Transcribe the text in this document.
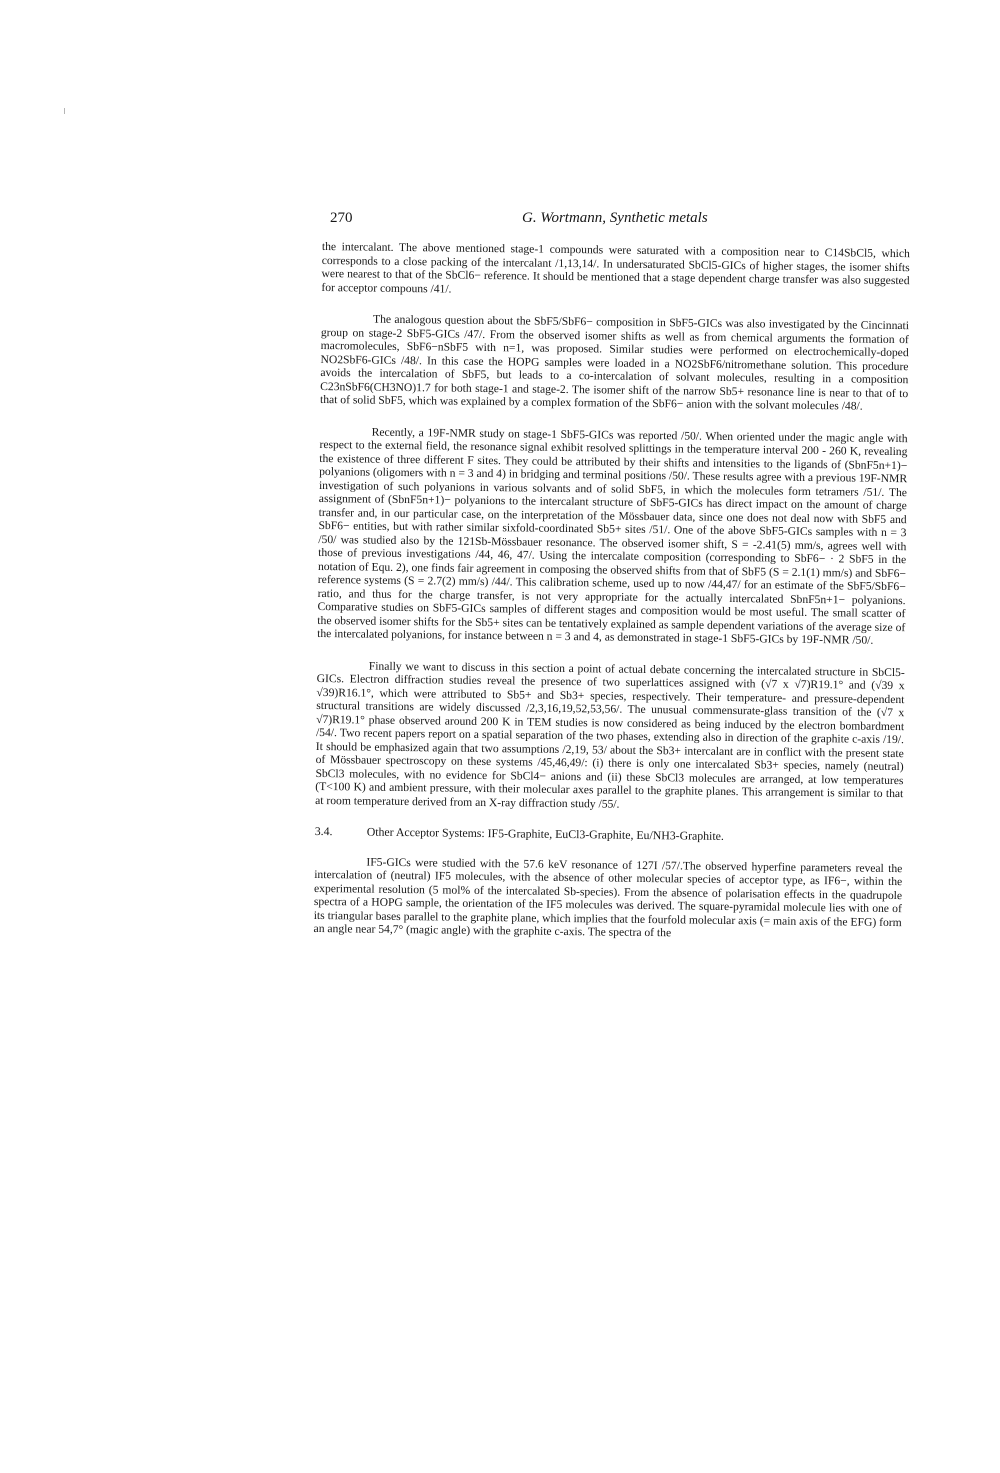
270	G. Wortmann, Synthetic metals

the intercalant. The above mentioned stage-1 compounds were saturated with a composition near to C14SbCl5, which corresponds to a close packing of the intercalant /1,13,14/. In undersaturated SbCl5-GICs of higher stages, the isomer shifts were nearest to that of the SbCl6− reference. It should be mentioned that a stage dependent charge transfer was also suggested for acceptor compouns /41/.

The analogous question about the SbF5/SbF6− composition in SbF5-GICs was also investigated by the Cincinnati group on stage-2 SbF5-GICs /47/. From the observed isomer shifts as well as from chemical arguments the formation of macromolecules, SbF6−nSbF5 with n=1, was proposed. Similar studies were performed on electrochemically-doped NO2SbF6-GICs /48/. In this case the HOPG samples were loaded in a NO2SbF6/nitromethane solution. This procedure avoids the intercalation of SbF5, but leads to a co-intercalation of solvant molecules, resulting in a composition C23nSbF6(CH3NO)1.7 for both stage-1 and stage-2. The isomer shift of the narrow Sb5+ resonance line is near to that of to that of solid SbF5, which was explained by a complex formation of the SbF6− anion with the solvant molecules /48/.

Recently, a 19F-NMR study on stage-1 SbF5-GICs was reported /50/. When oriented under the magic angle with respect to the external field, the resonance signal exhibit resolved splittings in the temperature interval 200 - 260 K, revealing the existence of three different F sites. They could be attributed by their shifts and intensities to the ligands of (SbnF5n+1)− polyanions (oligomers with n = 3 and 4) in bridging and terminal positions /50/. These results agree with a previous 19F-NMR investigation of such polyanions in various solvants and of solid SbF5, in which the molecules form tetramers /51/. The assignment of (SbnF5n+1)− polyanions to the intercalant structure of SbF5-GICs has direct impact on the amount of charge transfer and, in our particular case, on the interpretation of the Mössbauer data, since one does not deal now with SbF5 and SbF6− entities, but with rather similar sixfold-coordinated Sb5+ sites /51/. One of the above SbF5-GICs samples with n = 3 /50/ was studied also by the 121Sb-Mössbauer resonance. The observed isomer shift, S = -2.41(5) mm/s, agrees well with those of previous investigations /44, 46, 47/. Using the intercalate composition (corresponding to SbF6− · 2 SbF5 in the notation of Equ. 2), one finds fair agreement in composing the observed shifts from that of SbF5 (S = 2.1(1) mm/s) and SbF6− reference systems (S = 2.7(2) mm/s) /44/. This calibration scheme, used up to now /44,47/ for an estimate of the SbF5/SbF6− ratio, and thus for the charge transfer, is not very appropriate for the actually intercalated SbnF5n+1− polyanions. Comparative studies on SbF5-GICs samples of different stages and composition would be most useful. The small scatter of the observed isomer shifts for the Sb5+ sites can be tentatively explained as sample dependent variations of the average size of the intercalated polyanions, for instance between n = 3 and 4, as demonstrated in stage-1 SbF5-GICs by 19F-NMR /50/.

Finally we want to discuss in this section a point of actual debate concerning the intercalated structure in SbCl5-GICs. Electron diffraction studies reveal the presence of two superlattices assigned with (√7 x √7)R19.1° and (√39 x √39)R16.1°, which were attributed to Sb5+ and Sb3+ species, respectively. Their temperature- and pressure-dependent structural transitions are widely discussed /2,3,16,19,52,53,56/. The unusual commensurate-glass transition of the (√7 x √7)R19.1° phase observed around 200 K in TEM studies is now considered as being induced by the electron bombardment /54/. Two recent papers report on a spatial separation of the two phases, extending also in direction of the graphite c-axis /19/. It should be emphasized again that two assumptions /2,19, 53/ about the Sb3+ intercalant are in conflict with the present state of Mössbauer spectroscopy on these systems /45,46,49/: (i) there is only one intercalated Sb3+ species, namely (neutral) SbCl3 molecules, with no evidence for SbCl4− anions and (ii) these SbCl3 molecules are arranged, at low temperatures (T<100 K) and ambient pressure, with their molecular axes parallel to the graphite planes. This arrangement is similar to that at room temperature derived from an X-ray diffraction study /55/.

3.4.	Other Acceptor Systems: IF5-Graphite, EuCl3-Graphite, Eu/NH3-Graphite.

IF5-GICs were studied with the 57.6 keV resonance of 127I /57/.The observed hyperfine parameters reveal the intercalation of (neutral) IF5 molecules, with the absence of other molecular species of acceptor type, as IF6−, within the experimental resolution (5 mol% of the intercalated Sb-species). From the absence of polarisation effects in the quadrupole spectra of a HOPG sample, the orientation of the IF5 molecules was derived. The square-pyramidal molecule lies with one of its triangular bases parallel to the graphite plane, which implies that the fourfold molecular axis (= main axis of the EFG) form an angle near 54,7° (magic angle) with the graphite c-axis. The spectra of the
